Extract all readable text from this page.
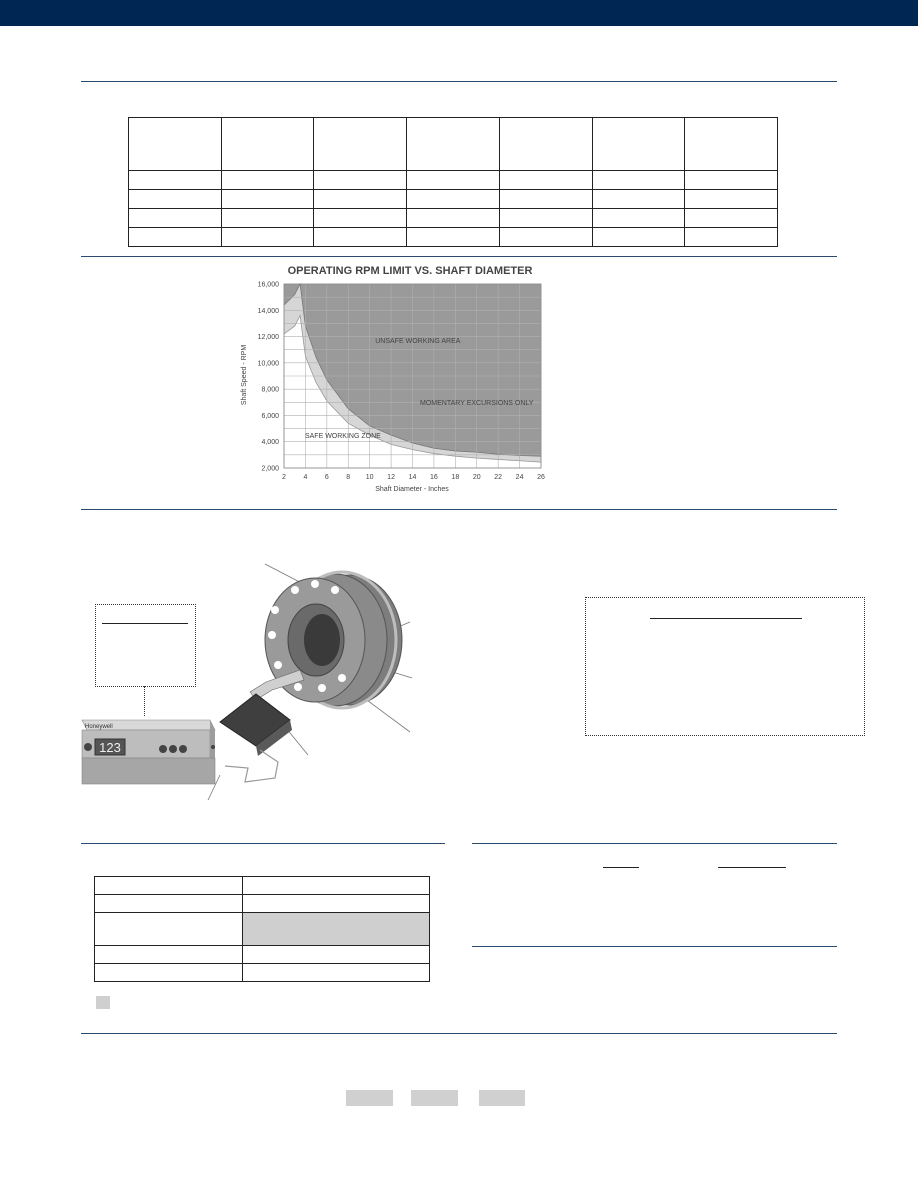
OPERATING RPM LIMIT VS. SHAFT DIAMETER
2,000
4,000
6,000
8,000
10,000
12,000
14,000
16,000
2	4	6	8 10 12 14 16 18 20 22 24 26
UNSAFE WORKING AREA
MOMENTARY EXCURSIONS ONLY
SAFE WORKING ZONE
Shaft Diameter - Inches
Shaft Speed - RPM
Honeywell
123
